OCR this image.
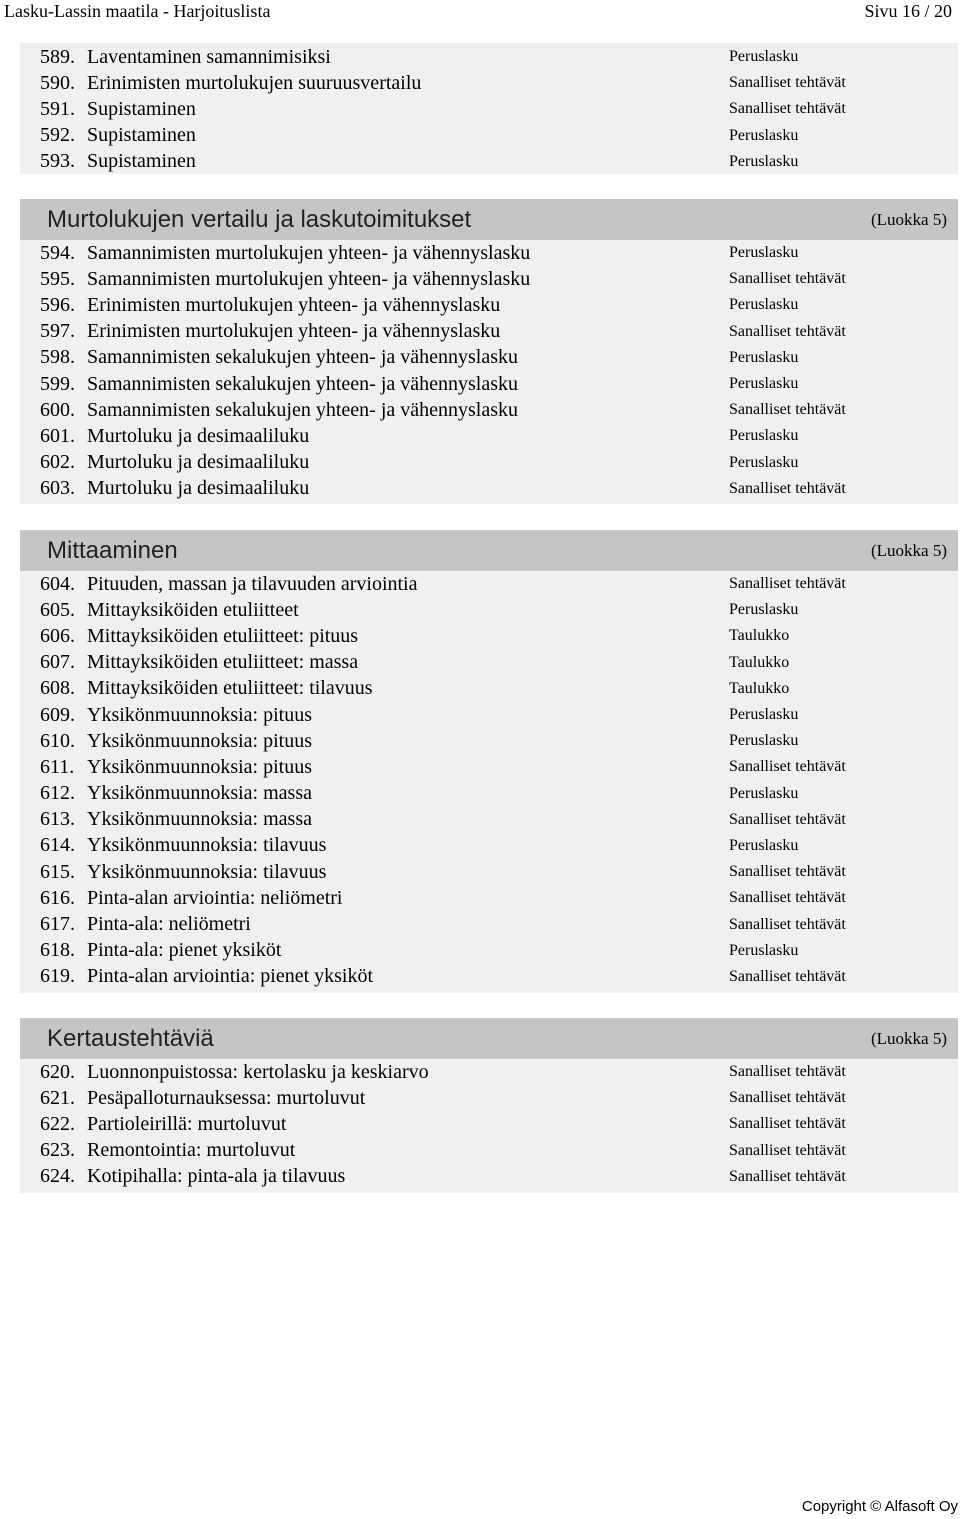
Lasku-Lassin maatila - Harjoituslista	Sivu 16 / 20
589. Laventaminen samannimisiksi	Peruslasku
590. Erinimisten murtolukujen suuruusvertailu	Sanalliset tehtävät
591. Supistaminen	Sanalliset tehtävät
592. Supistaminen	Peruslasku
593. Supistaminen	Peruslasku
Murtolukujen vertailu ja laskutoimitukset	(Luokka 5)
594. Samannimisten murtolukujen yhteen- ja vähennyslasku	Peruslasku
595. Samannimisten murtolukujen yhteen- ja vähennyslasku	Sanalliset tehtävät
596. Erinimisten murtolukujen yhteen- ja vähennyslasku	Peruslasku
597. Erinimisten murtolukujen yhteen- ja vähennyslasku	Sanalliset tehtävät
598. Samannimisten sekalukujen yhteen- ja vähennyslasku	Peruslasku
599. Samannimisten sekalukujen yhteen- ja vähennyslasku	Peruslasku
600. Samannimisten sekalukujen yhteen- ja vähennyslasku	Sanalliset tehtävät
601. Murtoluku ja desimaaliluku	Peruslasku
602. Murtoluku ja desimaaliluku	Peruslasku
603. Murtoluku ja desimaaliluku	Sanalliset tehtävät
Mittaaminen	(Luokka 5)
604. Pituuden, massan ja tilavuuden arviointia	Sanalliset tehtävät
605. Mittayksiköiden etuliitteet	Peruslasku
606. Mittayksiköiden etuliitteet: pituus	Taulukko
607. Mittayksiköiden etuliitteet: massa	Taulukko
608. Mittayksiköiden etuliitteet: tilavuus	Taulukko
609. Yksikönmuunnoksia: pituus	Peruslasku
610. Yksikönmuunnoksia: pituus	Peruslasku
611. Yksikönmuunnoksia: pituus	Sanalliset tehtävät
612. Yksikönmuunnoksia: massa	Peruslasku
613. Yksikönmuunnoksia: massa	Sanalliset tehtävät
614. Yksikönmuunnoksia: tilavuus	Peruslasku
615. Yksikönmuunnoksia: tilavuus	Sanalliset tehtävät
616. Pinta-alan arviointia: neliömetri	Sanalliset tehtävät
617. Pinta-ala: neliömetri	Sanalliset tehtävät
618. Pinta-ala: pienet yksiköt	Peruslasku
619. Pinta-alan arviointia: pienet yksiköt	Sanalliset tehtävät
Kertaustehtäviä	(Luokka 5)
620. Luonnonpuistossa: kertolasku ja keskiarvo	Sanalliset tehtävät
621. Pesäpalloturnauksessa: murtoluvut	Sanalliset tehtävät
622. Partioleirillä: murtoluvut	Sanalliset tehtävät
623. Remontointia: murtoluvut	Sanalliset tehtävät
624. Kotipihalla: pinta-ala ja tilavuus	Sanalliset tehtävät
Copyright © Alfasoft Oy
